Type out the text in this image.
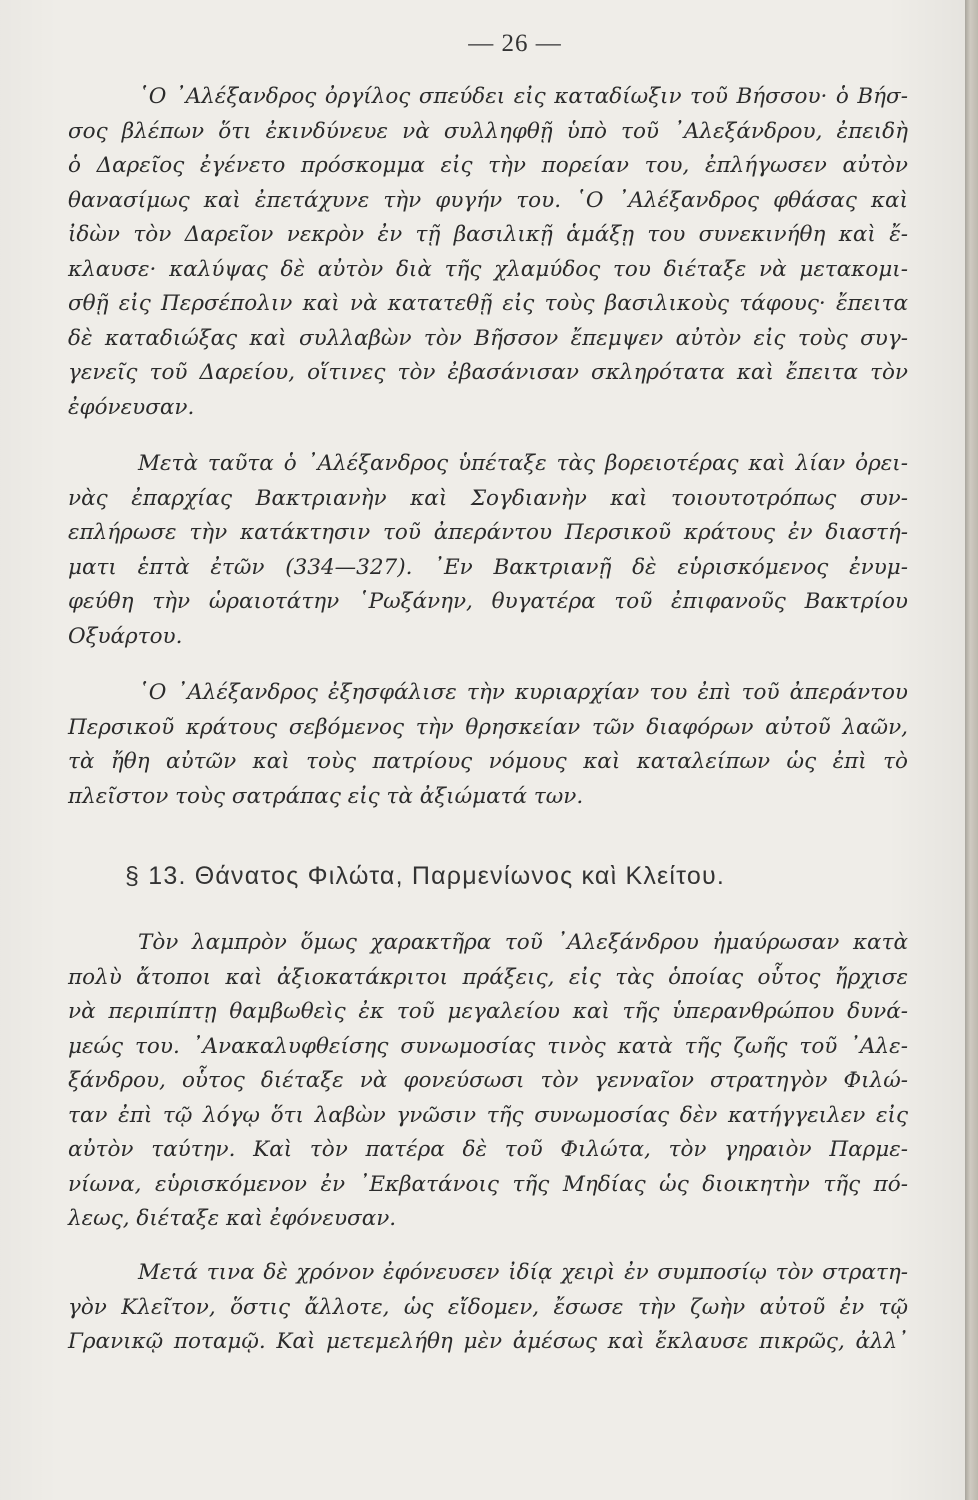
— 26 —
῾Ο ᾿Αλέξανδρος ὀργίλος σπεύδει εἰς καταδίωξιν τοῦ Βήσσου· ὁ Βήσ-
σος βλέπων ὅτι ἐκινδύνευε νὰ συλληφθῇ ὑπὸ τοῦ ᾿Αλεξάνδρου, ἐπειδὴ
ὁ Δαρεῖος ἐγένετο πρόσκομμα εἰς τὴν πορείαν του, ἐπλήγωσεν αὐτὸν
θανασίμως καὶ ἐπετάχυνε τὴν φυγήν του. ῾Ο ᾿Αλέξανδρος φθάσας καὶ
ἰδὼν τὸν Δαρεῖον νεκρὸν ἐν τῇ βασιλικῇ ἁμάξῃ του συνεκινήθη καὶ ἔ-
κλαυσε· καλύψας δὲ αὐτὸν διὰ τῆς χλαμύδος του διέταξε νὰ μετακομι-
σθῇ εἰς Περσέπολιν καὶ νὰ κατατεθῇ εἰς τοὺς βασιλικοὺς τάφους· ἔπειτα
δὲ καταδιώξας καὶ συλλαβὼν τὸν Βῆσσον ἔπεμψεν αὐτὸν εἰς τοὺς συγ-
γενεῖς τοῦ Δαρείου, οἵτινες τὸν ἐβασάνισαν σκληρότατα καὶ ἔπειτα τὸν
ἐφόνευσαν.
Μετὰ ταῦτα ὁ ᾿Αλέξανδρος ὑπέταξε τὰς βορειοτέρας καὶ λίαν ὀρει-
νὰς ἐπαρχίας Βακτριανὴν καὶ Σογδιανὴν καὶ τοιουτοτρόπως συν-
επλήρωσε τὴν κατάκτησιν τοῦ ἀπεράντου Περσικοῦ κράτους ἐν διαστή-
ματι ἑπτὰ ἐτῶν (334—327). ᾿Εν Βακτριανῇ δὲ εὑρισκόμενος ἐνυμ-
φεύθη τὴν ὡραιοτάτην ῾Ρωξάνην, θυγατέρα τοῦ ἐπιφανοῦς Βακτρίου
Οξυάρτου.
῾Ο ᾿Αλέξανδρος ἐξησφάλισε τὴν κυριαρχίαν του ἐπὶ τοῦ ἀπεράντου
Περσικοῦ κράτους σεβόμενος τὴν θρησκείαν τῶν διαφόρων αὐτοῦ λαῶν,
τὰ ἤθη αὐτῶν καὶ τοὺς πατρίους νόμους καὶ καταλείπων ὡς ἐπὶ τὸ
πλεῖστον τοὺς σατράπας εἰς τὰ ἀξιώματά των.
§ 13. Θάνατος Φιλώτα, Παρμενίωνος καὶ Κλείτου.
Τὸν λαμπρὸν ὅμως χαρακτῆρα τοῦ ᾿Αλεξάνδρου ἠμαύρωσαν κατὰ
πολὺ ἄτοποι καὶ ἀξιοκατάκριτοι πράξεις, εἰς τὰς ὁποίας οὗτος ἤρχισε
νὰ περιπίπτῃ θαμβωθεὶς ἐκ τοῦ μεγαλείου καὶ τῆς ὑπερανθρώπου δυνά-
μεώς του. ᾿Ανακαλυφθείσης συνωμοσίας τινὸς κατὰ τῆς ζωῆς τοῦ ᾿Αλε-
ξάνδρου, οὗτος διέταξε νὰ φονεύσωσι τὸν γενναῖον στρατηγὸν Φιλώ-
ταν ἐπὶ τῷ λόγῳ ὅτι λαβὼν γνῶσιν τῆς συνωμοσίας δὲν κατήγγειλεν εἰς
αὐτὸν ταύτην. Καὶ τὸν πατέρα δὲ τοῦ Φιλώτα, τὸν γηραιὸν Παρμε-
νίωνα, εὑρισκόμενον ἐν ᾿Εκβατάνοις τῆς Μηδίας ὡς διοικητὴν τῆς πό-
λεως, διέταξε καὶ ἐφόνευσαν.
Μετά τινα δὲ χρόνον ἐφόνευσεν ἰδίᾳ χειρὶ ἐν συμποσίῳ τὸν στρατη-
γὸν Κλεῖτον, ὅστις ἄλλοτε, ὡς εἴδομεν, ἔσωσε τὴν ζωὴν αὐτοῦ ἐν τῷ
Γρανικῷ ποταμῷ. Καὶ μετεμελήθη μὲν ἀμέσως καὶ ἔκλαυσε πικρῶς, ἀλλ᾿
